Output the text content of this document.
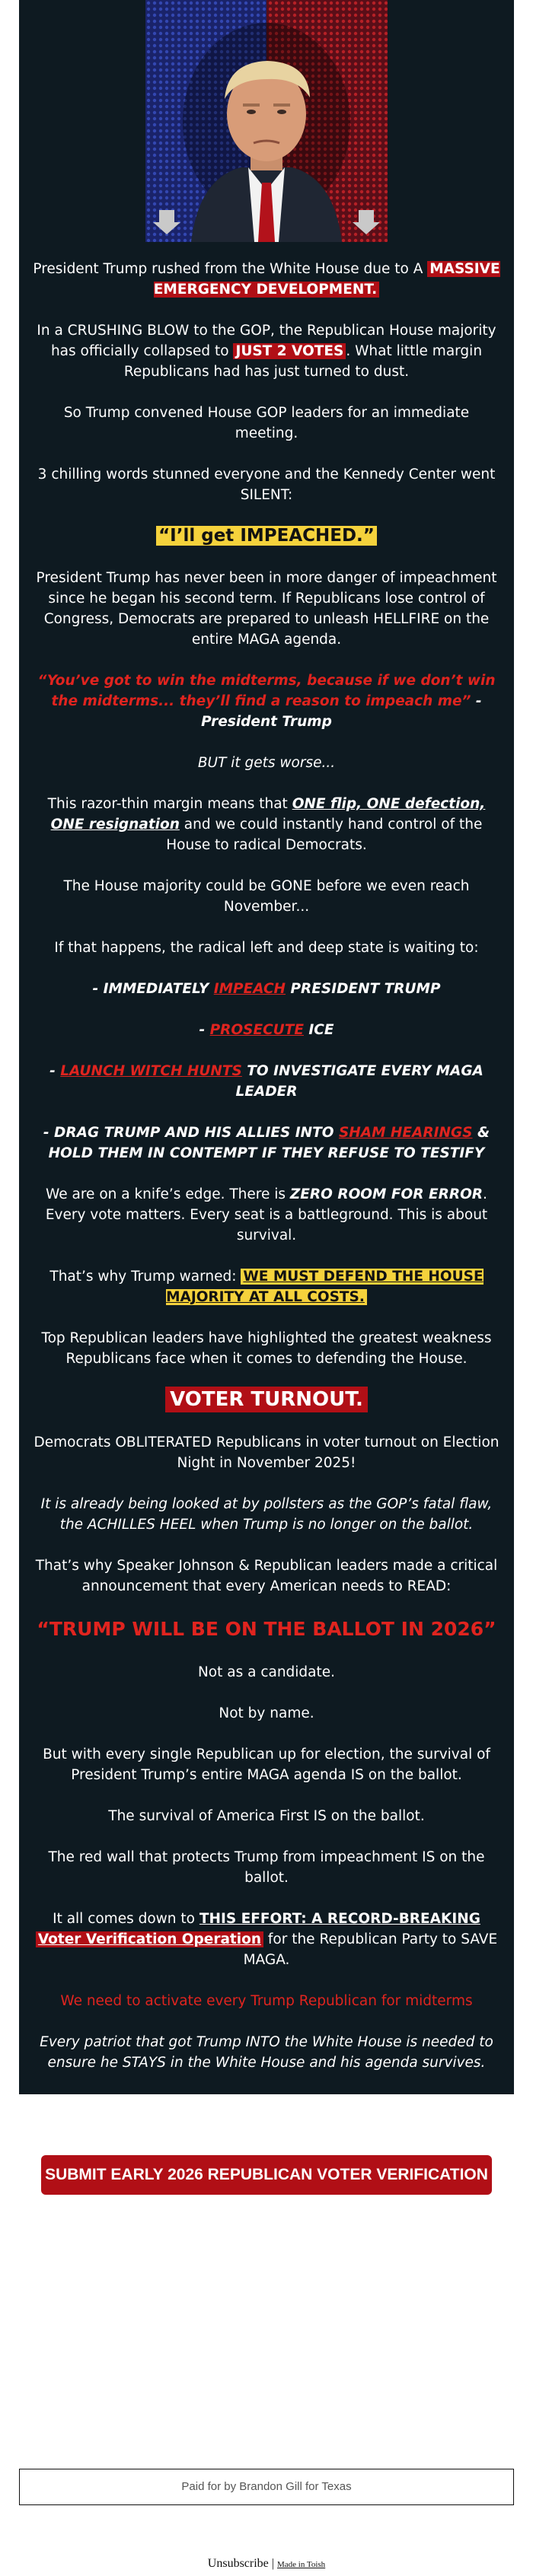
President Trump rushed from the White House due to A MASSIVE EMERGENCY DEVELOPMENT.

In a CRUSHING BLOW to the GOP, the Republican House majority has officially collapsed to JUST 2 VOTES . What little margin Republicans had has just turned to dust.

So Trump convened House GOP leaders for an immediate meeting.

3 chilling words stunned everyone and the Kennedy Center went SILENT:

“I’ll get IMPEACHED.”

President Trump has never been in more danger of impeachment since he began his second term. If Republicans lose control of Congress, Democrats are prepared to unleash HELLFIRE on the entire MAGA agenda.

“You’ve got to win the midterms, because if we don’t win the midterms... they’ll find a reason to impeach me” - President Trump

BUT it gets worse...

This razor-thin margin means that ONE flip, ONE defection, ONE resignation and we could instantly hand control of the House to radical Democrats.

The House majority could be GONE before we even reach November...

If that happens, the radical left and deep state is waiting to:

- IMMEDIATELY IMPEACH PRESIDENT TRUMP

- PROSECUTE ICE

- LAUNCH WITCH HUNTS TO INVESTIGATE EVERY MAGA LEADER

- DRAG TRUMP AND HIS ALLIES INTO SHAM HEARINGS & HOLD THEM IN CONTEMPT IF THEY REFUSE TO TESTIFY

We are on a knife’s edge. There is ZERO ROOM FOR ERROR. Every vote matters. Every seat is a battleground. This is about survival.

That’s why Trump warned: WE MUST DEFEND THE HOUSE MAJORITY AT ALL COSTS.

Top Republican leaders have highlighted the greatest weakness Republicans face when it comes to defending the House.

VOTER TURNOUT.

Democrats OBLITERATED Republicans in voter turnout on Election Night in November 2025!

It is already being looked at by pollsters as the GOP’s fatal flaw, the ACHILLES HEEL when Trump is no longer on the ballot.

That’s why Speaker Johnson & Republican leaders made a critical announcement that every American needs to READ:

“TRUMP WILL BE ON THE BALLOT IN 2026”

Not as a candidate.

Not by name.

But with every single Republican up for election, the survival of President Trump’s entire MAGA agenda IS on the ballot.

The survival of America First IS on the ballot.

The red wall that protects Trump from impeachment IS on the ballot.

It all comes down to THIS EFFORT: A RECORD-BREAKING Voter Verification Operation for the Republican Party to SAVE MAGA.

We need to activate every Trump Republican for midterms

Every patriot that got Trump INTO the White House is needed to ensure he STAYS in the White House and his agenda survives.

No voter can sit this out. Please, with the thinnest majority we have ever faced, we need to know we can count on you.

SUBMIT EARLY 2026 REPUBLICAN VOTER VERIFICATION
Paid for by Brandon Gill for Texas
Unsubscribe | Made in Toish
